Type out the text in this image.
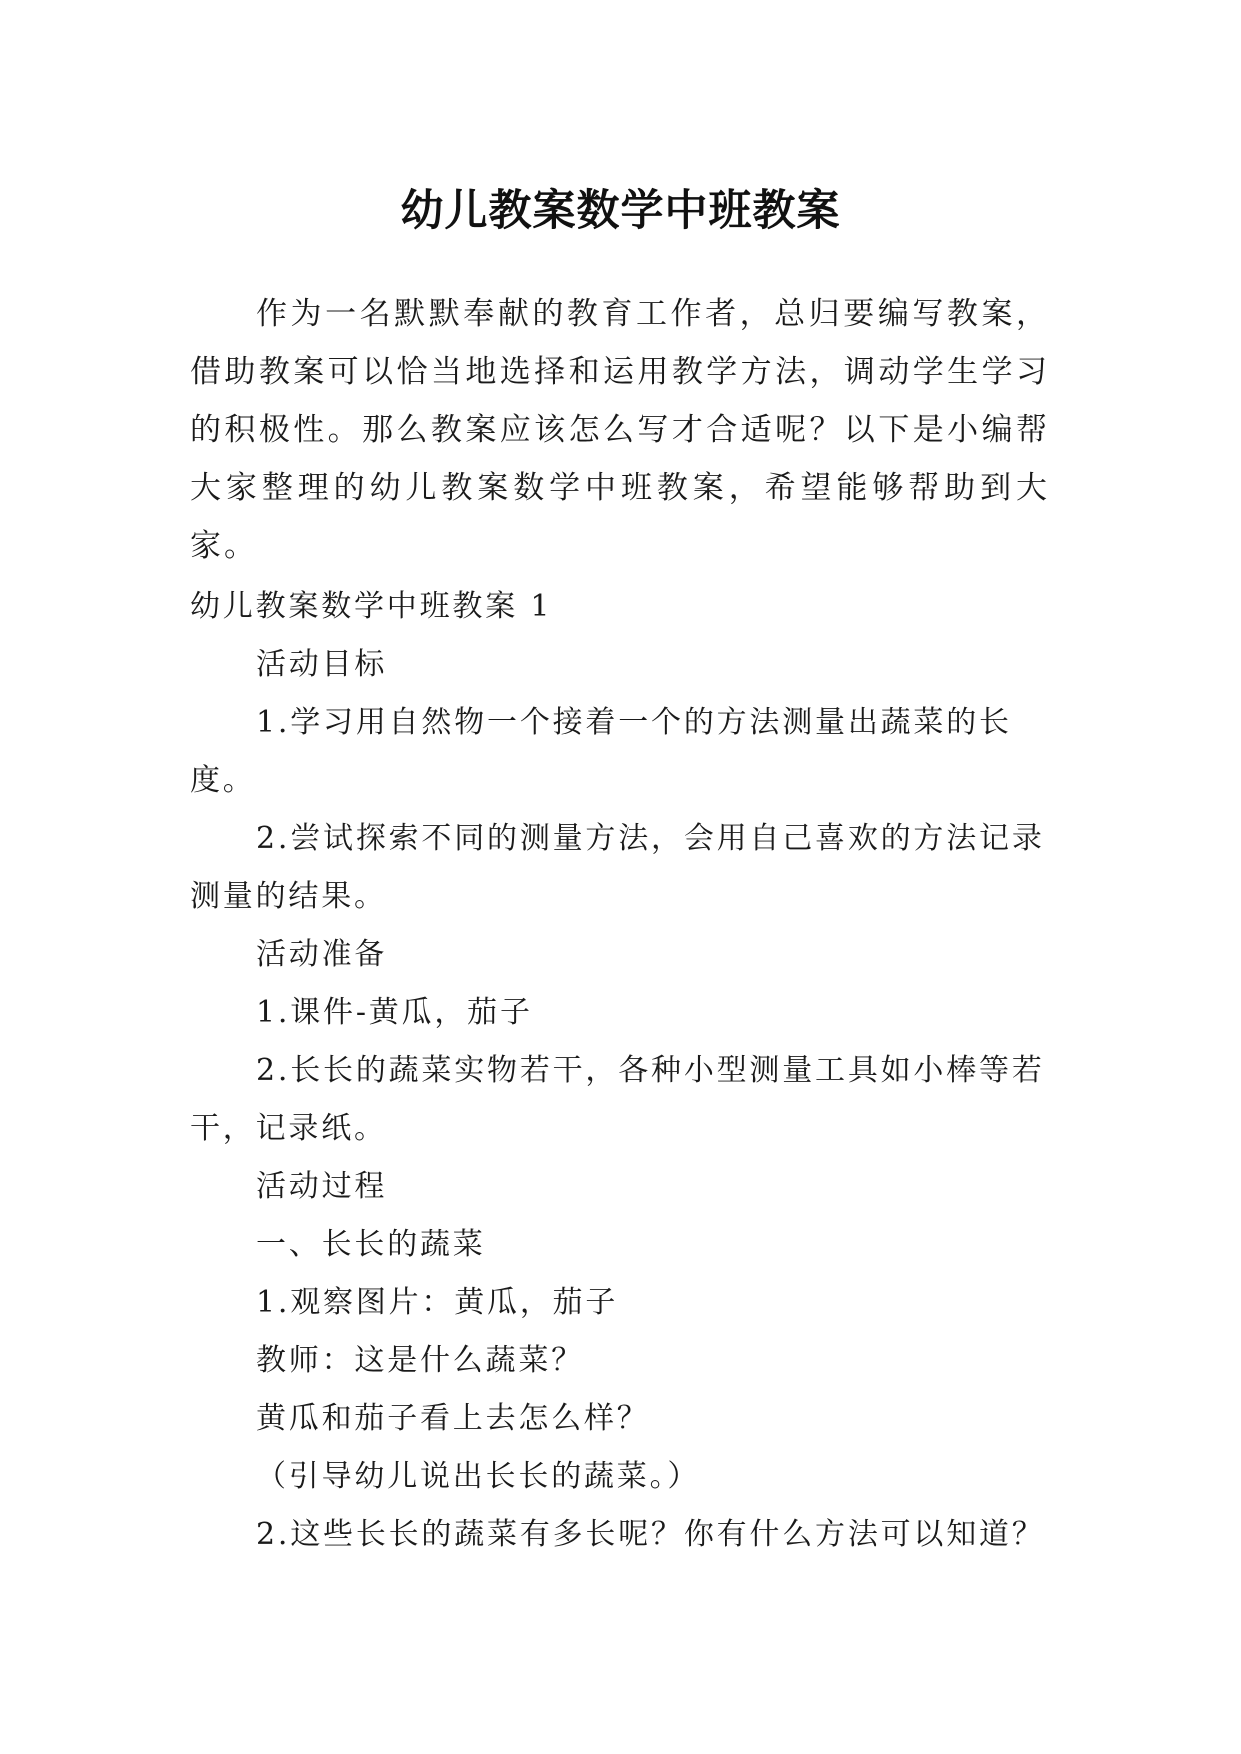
幼儿教案数学中班教案

作为一名默默奉献的教育工作者，总归要编写教案，借助教案可以恰当地选择和运用教学方法，调动学生学习的积极性。那么教案应该怎么写才合适呢？以下是小编帮大家整理的幼儿教案数学中班教案，希望能够帮助到大家。

幼儿教案数学中班教案 1

活动目标

1.学习用自然物一个接着一个的方法测量出蔬菜的长度。

2.尝试探索不同的测量方法，会用自己喜欢的方法记录测量的结果。

活动准备

1.课件-黄瓜，茄子

2.长长的蔬菜实物若干，各种小型测量工具如小棒等若干，记录纸。

活动过程

一、长长的蔬菜

1.观察图片：黄瓜，茄子

教师：这是什么蔬菜？

黄瓜和茄子看上去怎么样？

（引导幼儿说出长长的蔬菜。）

2.这些长长的蔬菜有多长呢？你有什么方法可以知道？
